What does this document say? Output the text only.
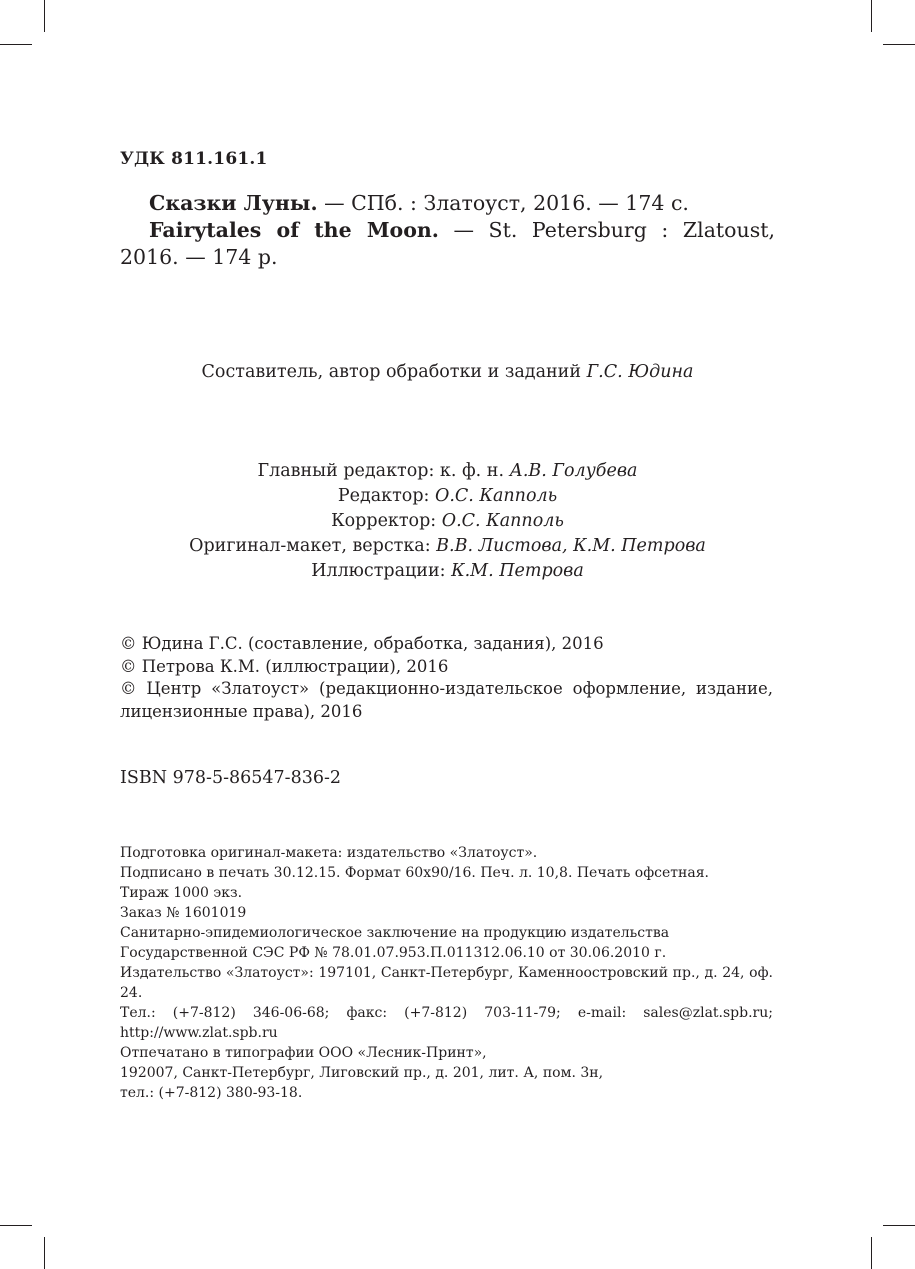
УДК 811.161.1

Сказки Луны. — СПб. : Златоуст, 2016. — 174 с.

Fairytales of the Moon. — St. Petersburg : Zlatoust, 2016. — 174 p.

Составитель, автор обработки и заданий Г.С. Юдина
Главный редактор: к. ф. н. А.В. Голубева
Редактор: О.С. Капполь
Корректор: О.С. Капполь
Оригинал-макет, верстка: В.В. Листова, К.М. Петрова
Иллюстрации: К.М. Петрова
© Юдина Г.С. (составление, обработка, задания), 2016
© Петрова К.М. (иллюстрации), 2016
© Центр «Златоуст» (редакционно-издательское оформление, издание, лицензионные права), 2016
ISBN 978-5-86547-836-2
Подготовка оригинал-макета: издательство «Златоуст».
Подписано в печать 30.12.15. Формат 60x90/16. Печ. л. 10,8. Печать офсетная.
Тираж 1000 экз.
Заказ № 1601019
Санитарно-эпидемиологическое заключение на продукцию издательства
Государственной СЭС РФ № 78.01.07.953.П.011312.06.10 от 30.06.2010 г.
Издательство «Златоуст»: 197101, Санкт-Петербург, Каменноостровский пр., д. 24, оф. 24.
Тел.: (+7-812) 346-06-68; факс: (+7-812) 703-11-79; e-mail: sales@zlat.spb.ru; http://www.zlat.spb.ru
Отпечатано в типографии ООО «Лесник-Принт»,
192007, Санкт-Петербург, Лиговский пр., д. 201, лит. А, пом. 3н,
тел.: (+7-812) 380-93-18.
